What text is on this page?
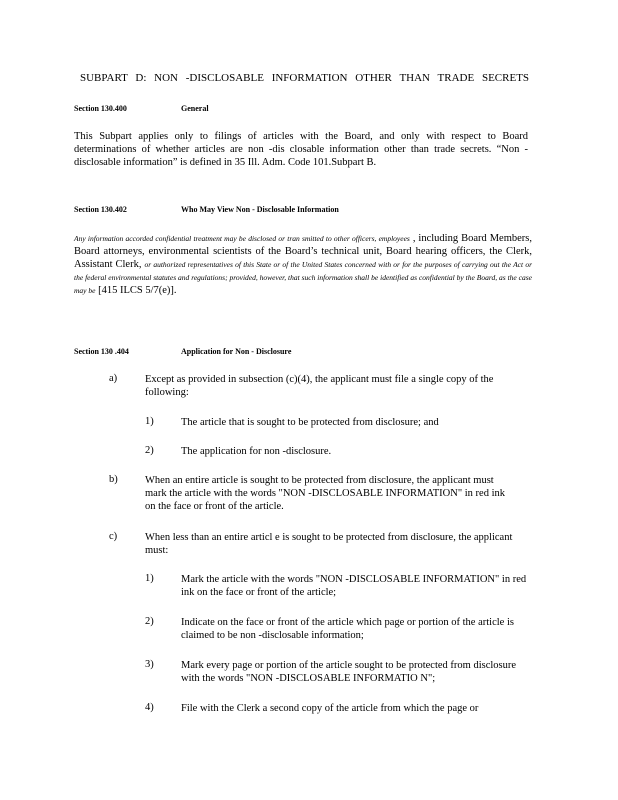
SUBPART D: NON -DISCLOSABLE INFORMATION OTHER THAN TRADE SECRETS
Section 130.400	General
This Subpart applies only to filings of articles with the Board, and only with respect to Board determinations of whether articles are non -dis closable information other than trade secrets. “Non -disclosable information” is defined in 35 Ill. Adm. Code 101.Subpart B.
Section 130.402	Who May View Non - Disclosable Information
Any information accorded confidential treatment may be disclosed or tran smitted to other officers, employees , including Board Members, Board attorneys, environmental scientists of the Board’s technical unit, Board hearing officers, the Clerk, Assistant Clerk, or authorized representatives of this State or of the United States concerned with or for the purposes of carrying out the Act or the federal environmental statutes and regulations; provided, however, that such information shall be identified as confidential by the Board, as the case may be [415 ILCS 5/7(e)].
Section 130 .404	Application for Non - Disclosure
a)	Except as provided in subsection (c)(4), the applicant must file a single copy of the following:
1)	The article that is sought to be protected from disclosure; and
2)	The application for non -disclosure.
b)	When an entire article is sought to be protected from disclosure, the applicant must mark the article with the words "NON -DISCLOSABLE INFORMATION" in red ink on the face or front of the article.
c)	When less than an entire articl e is sought to be protected from disclosure, the applicant must:
1)	Mark the article with the words "NON -DISCLOSABLE INFORMATION" in red ink on the face or front of the article;
2)	Indicate on the face or front of the article which page or portion of the article is claimed to be non -disclosable information;
3)	Mark every page or portion of the article sought to be protected from disclosure with the words "NON -DISCLOSABLE INFORMATIO N";
4)	File with the Clerk a second copy of the article from which the page or
